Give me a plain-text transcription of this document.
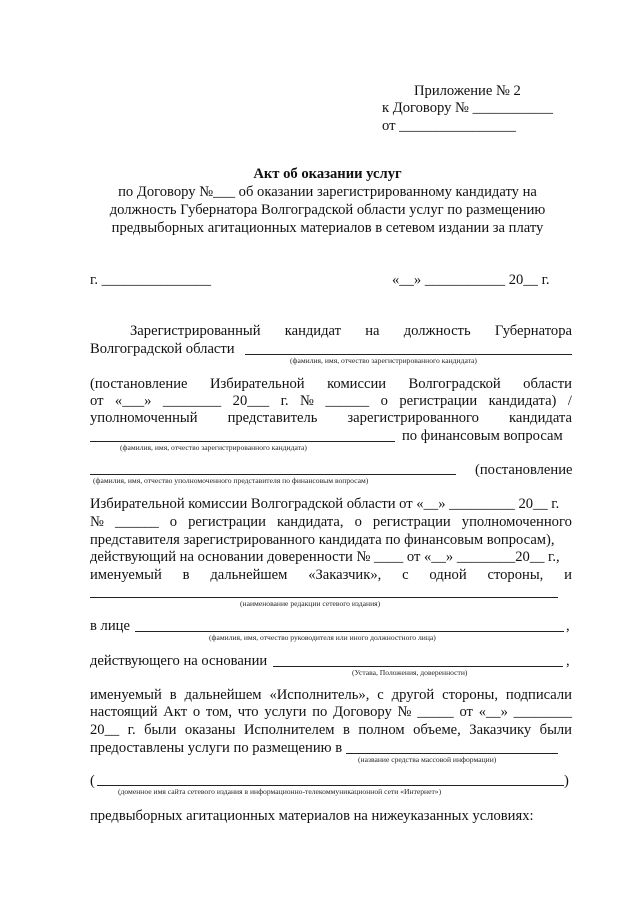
Приложение № 2
к Договору № ___________
от ________________
Акт об оказании услуг
по Договору №___ об оказании зарегистрированному кандидату на
должность Губернатора Волгоградской области услуг по размещению
предвыборных агитационных материалов в сетевом издании за плату
г. _______________	«__» ___________ 20__ г.
Зарегистрированный кандидат на должность Губернатора
Волгоградской области
(фамилия, имя, отчество зарегистрированного кандидата)
(постановление Избирательной комиссии Волгоградской области
от «___» ________ 20___ г. № ______ о регистрации кандидата) /
уполномоченный представитель зарегистрированного кандидата
по финансовым вопросам
(фамилия, имя, отчество зарегистрированного кандидата)
(постановление
(фамилия, имя, отчество уполномоченного представителя по финансовым вопросам)
Избирательной комиссии Волгоградской области от «__» _________ 20__ г.
№ ______ о регистрации кандидата, о регистрации уполномоченного
представителя зарегистрированного кандидата по финансовым вопросам),
действующий на основании доверенности № ____ от «__» ________20__ г.,
именуемый в дальнейшем «Заказчик», с одной стороны, и
(наименование редакции сетевого издания)
в лице	,
(фамилия, имя, отчество руководителя или иного должностного лица)
действующего на основании	,
(Устава, Положения, доверенности)
именуемый в дальнейшем «Исполнитель», с другой стороны, подписали
настоящий Акт о том, что услуги по Договору № _____ от «__» ________
20__ г. были оказаны Исполнителем в полном объеме, Заказчику были
предоставлены услуги по размещению в
(название средства массовой информации)
(	)
(доменное имя сайта сетевого издания в информационно-телекоммуникационной сети «Интернет»)
предвыборных агитационных материалов на нижеуказанных условиях:
